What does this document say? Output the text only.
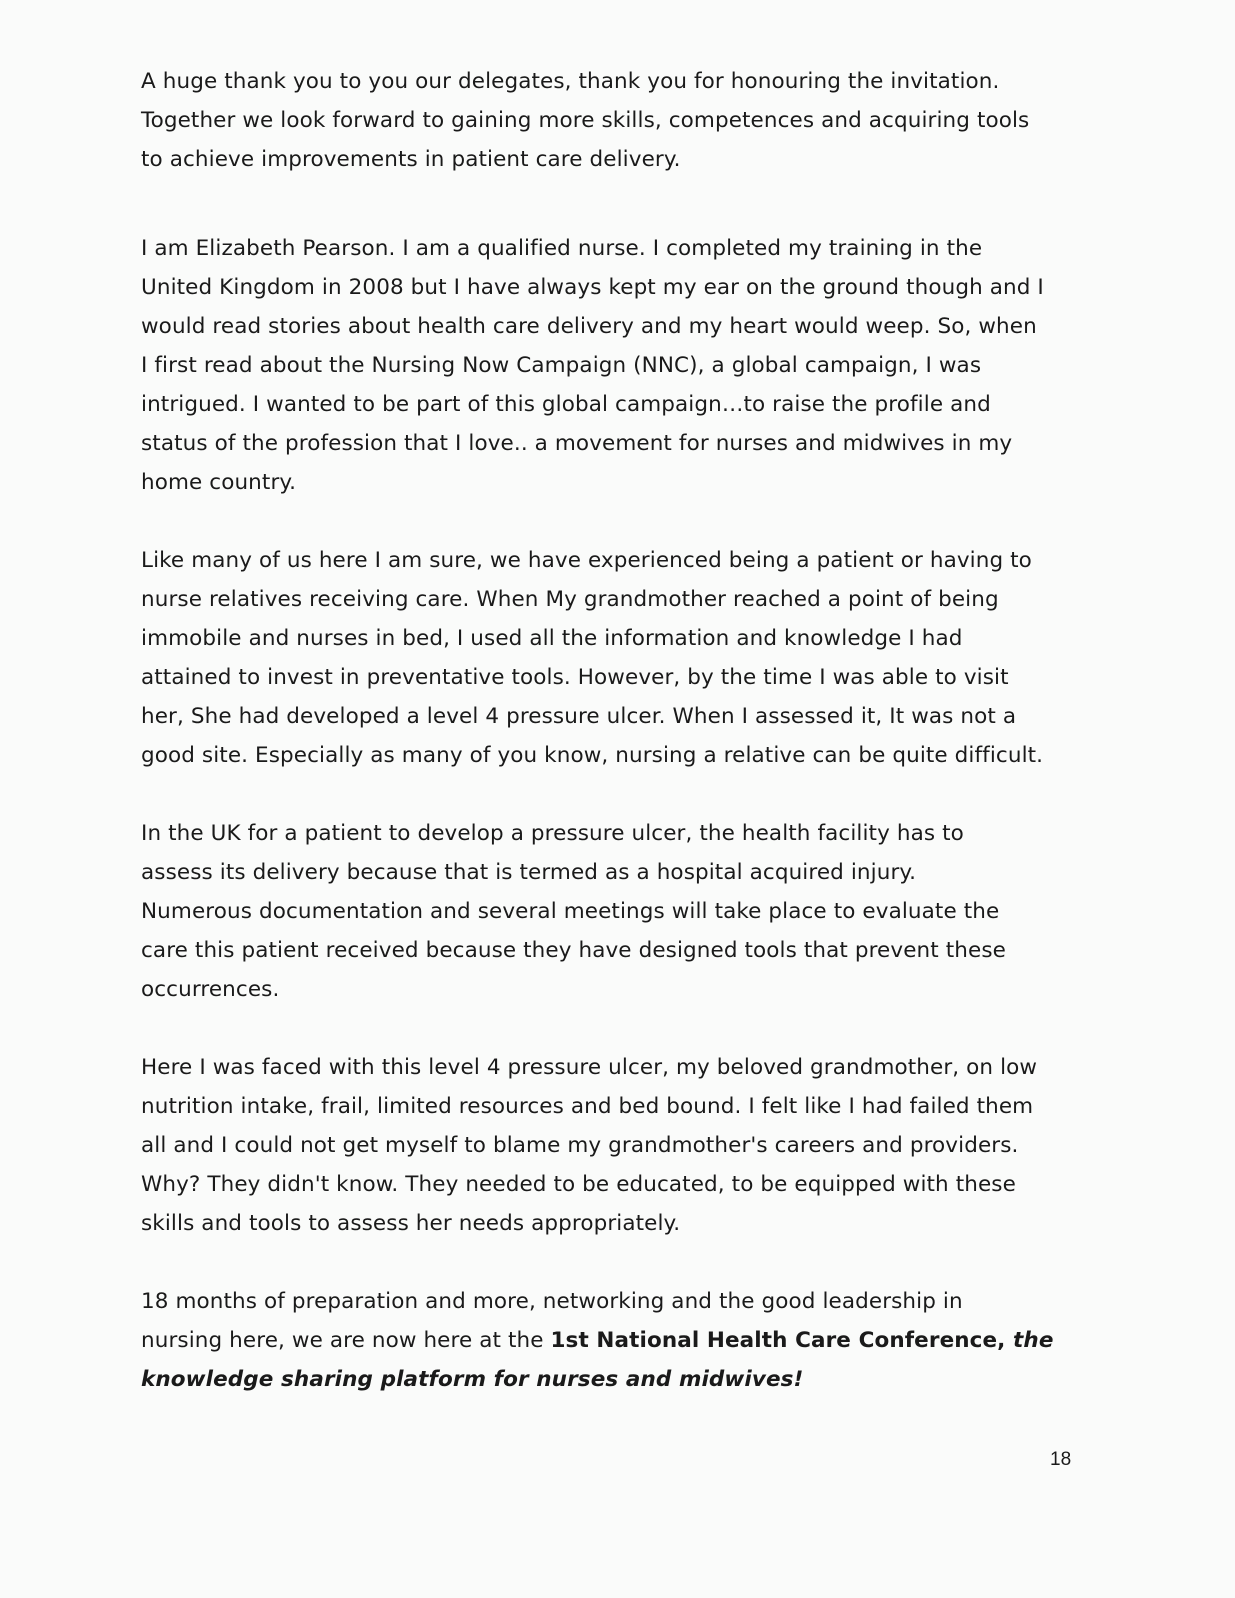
A huge thank you to you our delegates, thank you for honouring the invitation.
Together we look forward to gaining more skills, competences and acquiring tools
to achieve improvements in patient care delivery.

I am Elizabeth Pearson. I am a qualified nurse. I completed my training in the
United Kingdom in 2008 but I have always kept my ear on the ground though and I
would read stories about health care delivery and my heart would weep. So, when
I first read about the Nursing Now Campaign (NNC), a global campaign, I was
intrigued. I wanted to be part of this global campaign…to raise the profile and
status of the profession that I love.. a movement for nurses and midwives in my
home country.

Like many of us here I am sure, we have experienced being a patient or having to
nurse relatives receiving care. When My grandmother reached a point of being
immobile and nurses in bed, I used all the information and knowledge I had
attained to invest in preventative tools. However, by the time I was able to visit
her, She had developed a level 4 pressure ulcer. When I assessed it, It was not a
good site. Especially as many of you know, nursing a relative can be quite difficult.

In the UK for a patient to develop a pressure ulcer, the health facility has to
assess its delivery because that is termed as a hospital acquired injury.
Numerous documentation and several meetings will take place to evaluate the
care this patient received because they have designed tools that prevent these
occurrences.

Here I was faced with this level 4 pressure ulcer, my beloved grandmother, on low
nutrition intake, frail, limited resources and bed bound. I felt like I had failed them
all and I could not get myself to blame my grandmother's careers and providers.
Why? They didn't know. They needed to be educated, to be equipped with these
skills and tools to assess her needs appropriately.

18 months of preparation and more, networking and the good leadership in
nursing here, we are now here at the 1st National Health Care Conference, the
knowledge sharing platform for nurses and midwives!

18
